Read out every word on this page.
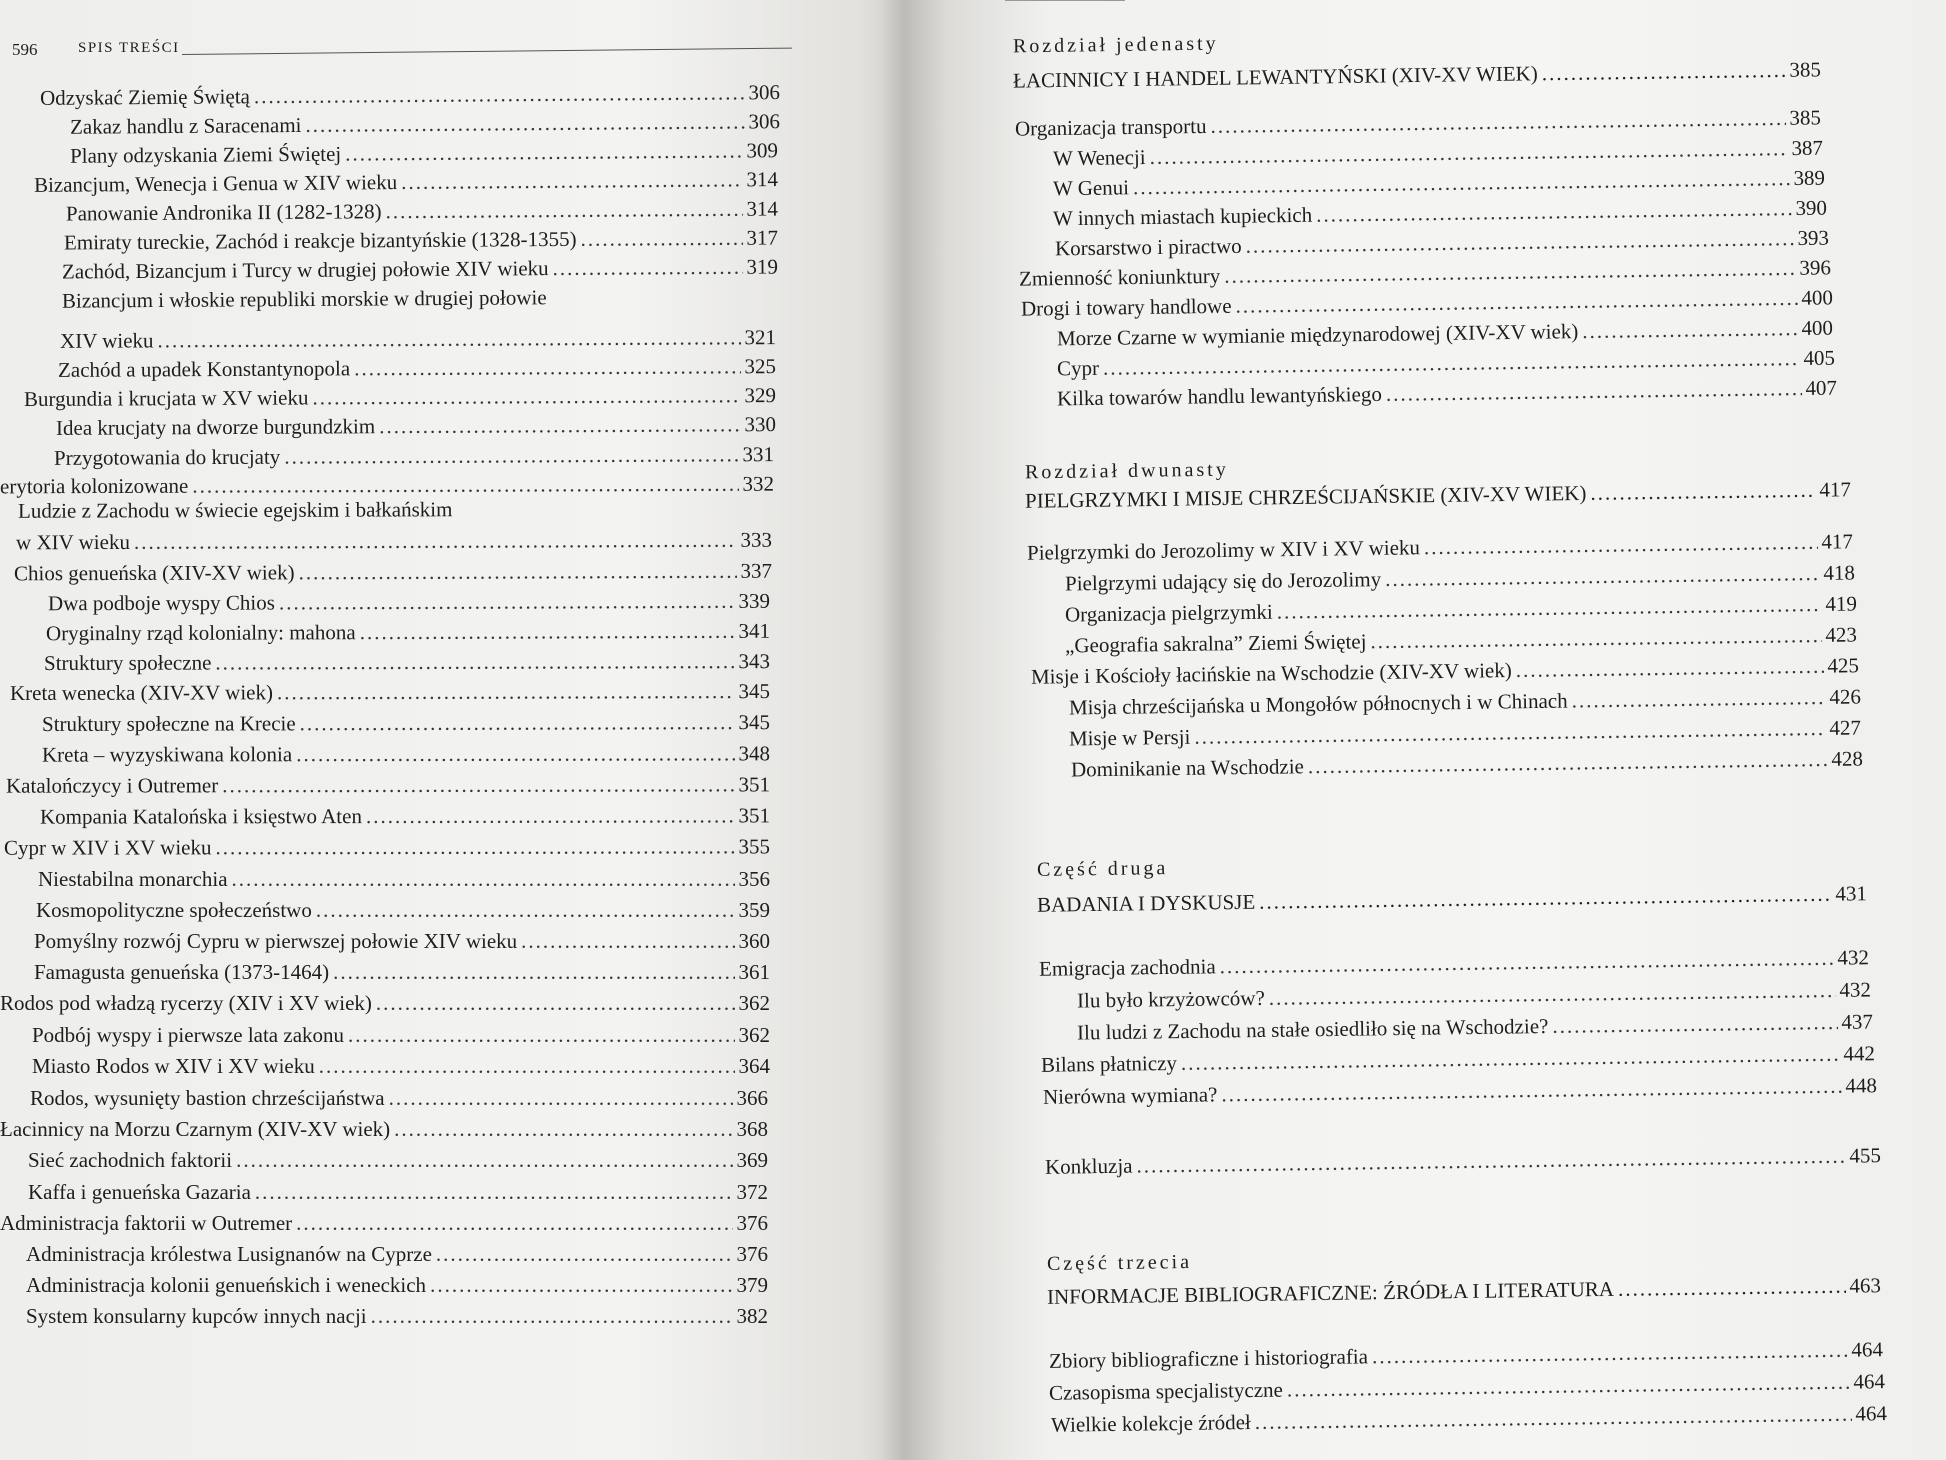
596	SPIS TREŚCI
Odzyskać Ziemię Świętą .....	306
Zakaz handlu z Saracenami .....	306
Plany odzyskania Ziemi Świętej .....	309
Bizancjum, Wenecja i Genua w XIV wieku .....	314
Panowanie Andronika II (1282-1328) .....	314
Emiraty tureckie, Zachód i reakcje bizantyńskie (1328-1355) .....	317
Zachód, Bizancjum i Turcy w drugiej połowie XIV wieku .....	319
Bizancjum i włoskie republiki morskie w drugiej połowie
XIV wieku .....	321
Zachód a upadek Konstantynopola .....	325
Burgundia i krucjata w XV wieku .....	329
Idea krucjaty na dworze burgundzkim .....	330
Przygotowania do krucjaty .....	331
erytoria kolonizowane .....	332
Ludzie z Zachodu w świecie egejskim i bałkańskim
w XIV wieku .....	333
Chios genueńska (XIV-XV wiek) .....	337
Dwa podboje wyspy Chios .....	339
Oryginalny rząd kolonialny: mahona .....	341
Struktury społeczne .....	343
Kreta wenecka (XIV-XV wiek) .....	345
Struktury społeczne na Krecie .....	345
Kreta – wyzyskiwana kolonia .....	348
Katalończycy i Outremer .....	351
Kompania Katalońska i księstwo Aten .....	351
Cypr w XIV i XV wieku .....	355
Niestabilna monarchia .....	356
Kosmopolityczne społeczeństwo .....	359
Pomyślny rozwój Cypru w pierwszej połowie XIV wieku .....	360
Famagusta genueńska (1373-1464) .....	361
Rodos pod władzą rycerzy (XIV i XV wiek) .....	362
Podbój wyspy i pierwsze lata zakonu .....	362
Miasto Rodos w XIV i XV wieku .....	364
Rodos, wysunięty bastion chrześcijaństwa .....	366
Łacinnicy na Morzu Czarnym (XIV-XV wiek) .....	368
Sieć zachodnich faktorii .....	369
Kaffa i genueńska Gazaria .....	372
Administracja faktorii w Outremer .....	376
Administracja królestwa Lusignanów na Cyprze .....	376
Administracja kolonii genueńskich i weneckich .....	379
System konsularny kupców innych nacji .....	382
Rozdział jedenasty
ŁACINNICY I HANDEL LEWANTYŃSKI (XIV-XV WIEK) .....	385
Organizacja transportu .....	385
W Wenecji .....	387
W Genui .....	389
W innych miastach kupieckich .....	390
Korsarstwo i piractwo .....	393
Zmienność koniunktury .....	396
Drogi i towary handlowe .....	400
Morze Czarne w wymianie międzynarodowej (XIV-XV wiek) .....	400
Cypr .....	405
Kilka towarów handlu lewantyńskiego .....	407
Rozdział dwunasty
PIELGRZYMKI I MISJE CHRZEŚCIJAŃSKIE (XIV-XV WIEK) .....	417
Pielgrzymki do Jerozolimy w XIV i XV wieku .....	417
Pielgrzymi udający się do Jerozolimy .....	418
Organizacja pielgrzymki .....	419
„Geografia sakralna” Ziemi Świętej .....	423
Misje i Kościoły łacińskie na Wschodzie (XIV-XV wiek) .....	425
Misja chrześcijańska u Mongołów północnych i w Chinach .....	426
Misje w Persji .....	427
Dominikanie na Wschodzie .....	428
Część druga
BADANIA I DYSKUSJE .....	431
Emigracja zachodnia .....	432
Ilu było krzyżowców? .....	432
Ilu ludzi z Zachodu na stałe osiedliło się na Wschodzie? .....	437
Bilans płatniczy .....	442
Nierówna wymiana? .....	448
Konkluzja .....	455
Część trzecia
INFORMACJE BIBLIOGRAFICZNE: ŹRÓDŁA I LITERATURA .....	463
Zbiory bibliograficzne i historiografia .....	464
Czasopisma specjalistyczne .....	464
Wielkie kolekcje źródeł .....	464
